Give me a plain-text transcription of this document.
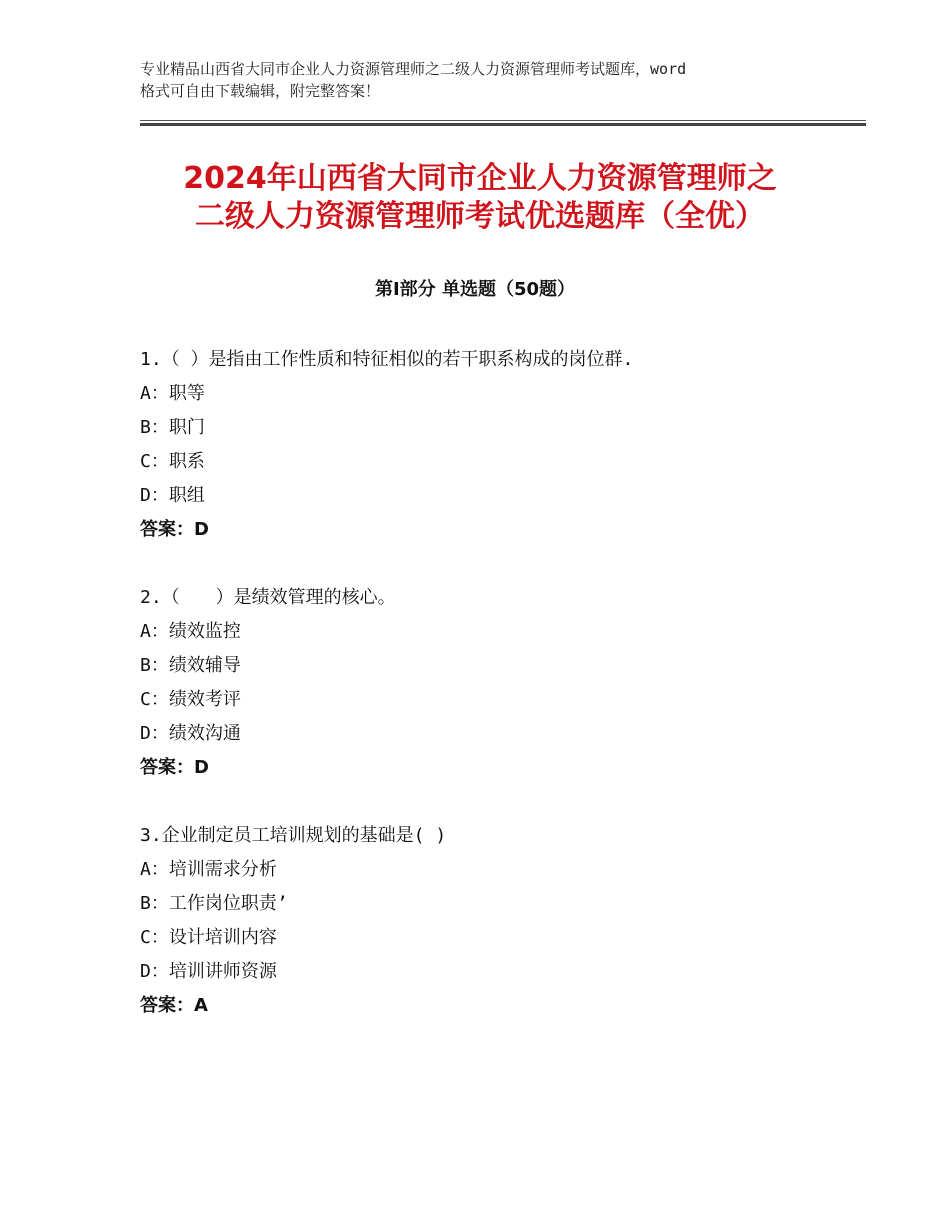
专业精品山西省大同市企业人力资源管理师之二级人力资源管理师考试题库，word
格式可自由下载编辑，附完整答案！
2024年山西省大同市企业人力资源管理师之
二级人力资源管理师考试优选题库（全优）
第Ⅰ部分 单选题（50题）
1.（ ）是指由工作性质和特征相似的若干职系构成的岗位群.
A：职等
B：职门
C：职系
D：职组
答案：D
2.（　　）是绩效管理的核心。
A：绩效监控
B：绩效辅导
C：绩效考评
D：绩效沟通
答案：D
3.企业制定员工培训规划的基础是( )
A：培训需求分析
B：工作岗位职责’
C：设计培训内容
D：培训讲师资源
答案：A
